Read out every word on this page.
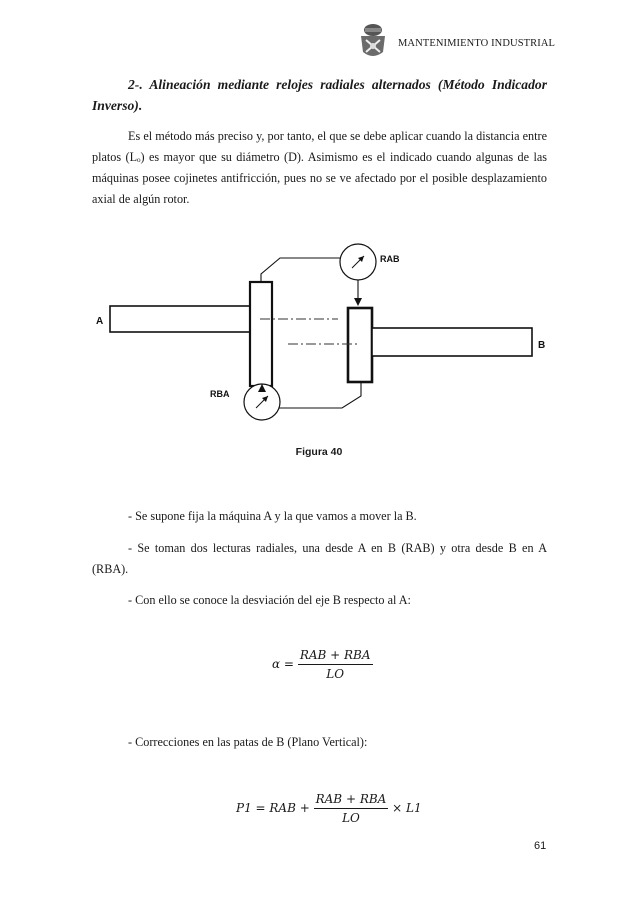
MANTENIMIENTO INDUSTRIAL
2-. Alineación mediante relojes radiales alternados (Método Indicador Inverso).

Es el método más preciso y, por tanto, el que se debe aplicar cuando la distancia entre platos (Lₒ) es mayor que su diámetro (D). Asimismo es el indicado cuando algunas de las máquinas posee cojinetes antifricción, pues no se ve afectado por el posible desplazamiento axial de algún rotor.

A
B
RAB
RBA
Figura 40

- Se supone fija la máquina A y la que vamos a mover la B.

- Se toman dos lecturas radiales, una desde A en B (RAB) y otra desde B en A (RBA).

- Con ello se conoce la desviación del eje B respecto al A:

$\alpha = \frac{\text{RAB + RBA}}{LO}$

- Correcciones en las patas de B (Plano Vertical):

P1 = RAB + $\frac{\text{RAB + RBA}}{LO} \times L1$
61
